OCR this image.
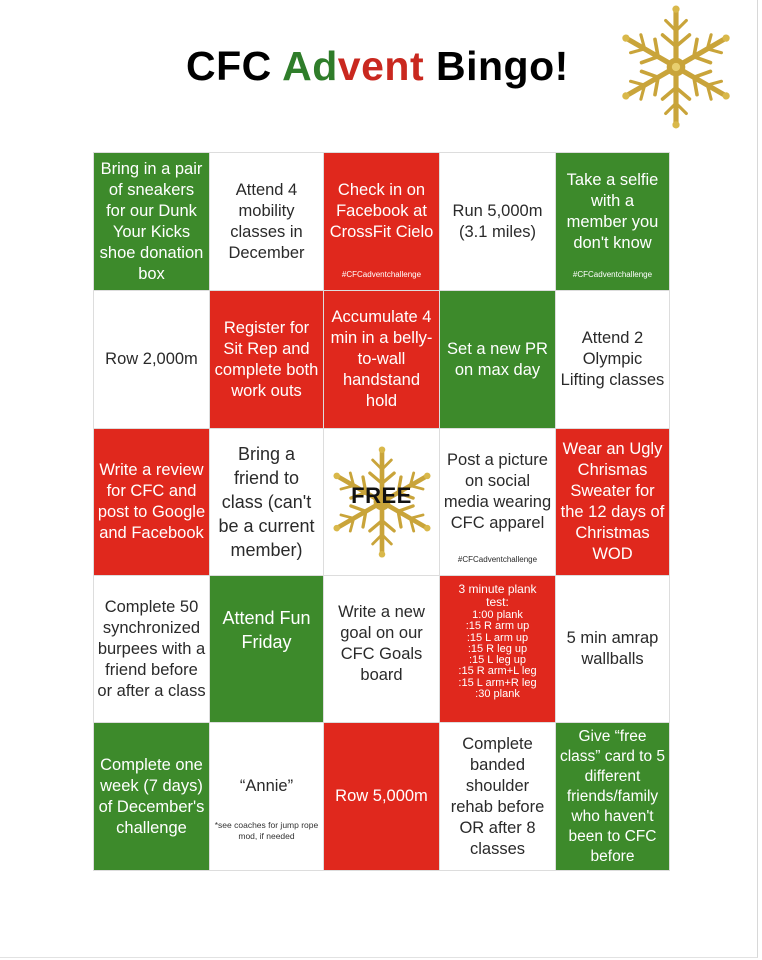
CFC Advent Bingo!
Bring in a pair of sneakers for our Dunk Your Kicks shoe donation box
Attend 4 mobility classes in December
Check in on Facebook at CrossFit Cielo
#CFCadventchallenge
Run 5,000m (3.1 miles)
Take a selfie with a member you don't know
#CFCadventchallenge
Row 2,000m
Register for Sit Rep and complete both work outs
Accumulate 4 min in a belly-to-wall handstand hold
Set a new PR on max day
Attend 2 Olympic Lifting classes
Write a review for CFC and post to Google and Facebook
Bring a friend to class (can't be a current member)
FREE
Post a picture on social media wearing CFC apparel
#CFCadventchallenge
Wear an Ugly Chrismas Sweater for the 12 days of Christmas WOD
Complete 50 synchronized burpees with a friend before or after a class
Attend Fun Friday
Write a new goal on our CFC Goals board
3 minute plank test:
1:00 plank
:15 R arm up
:15 L arm up
:15 R leg up
:15 L leg up
:15 R arm+L leg
:15 L arm+R leg
:30 plank
5 min amrap wallballs
Complete one week (7 days) of December's challenge
“Annie”
*see coaches for jump rope mod, if needed
Row 5,000m
Complete banded shoulder rehab before OR after 8 classes
Give “free class” card to 5 different friends/family who haven't been to CFC before
